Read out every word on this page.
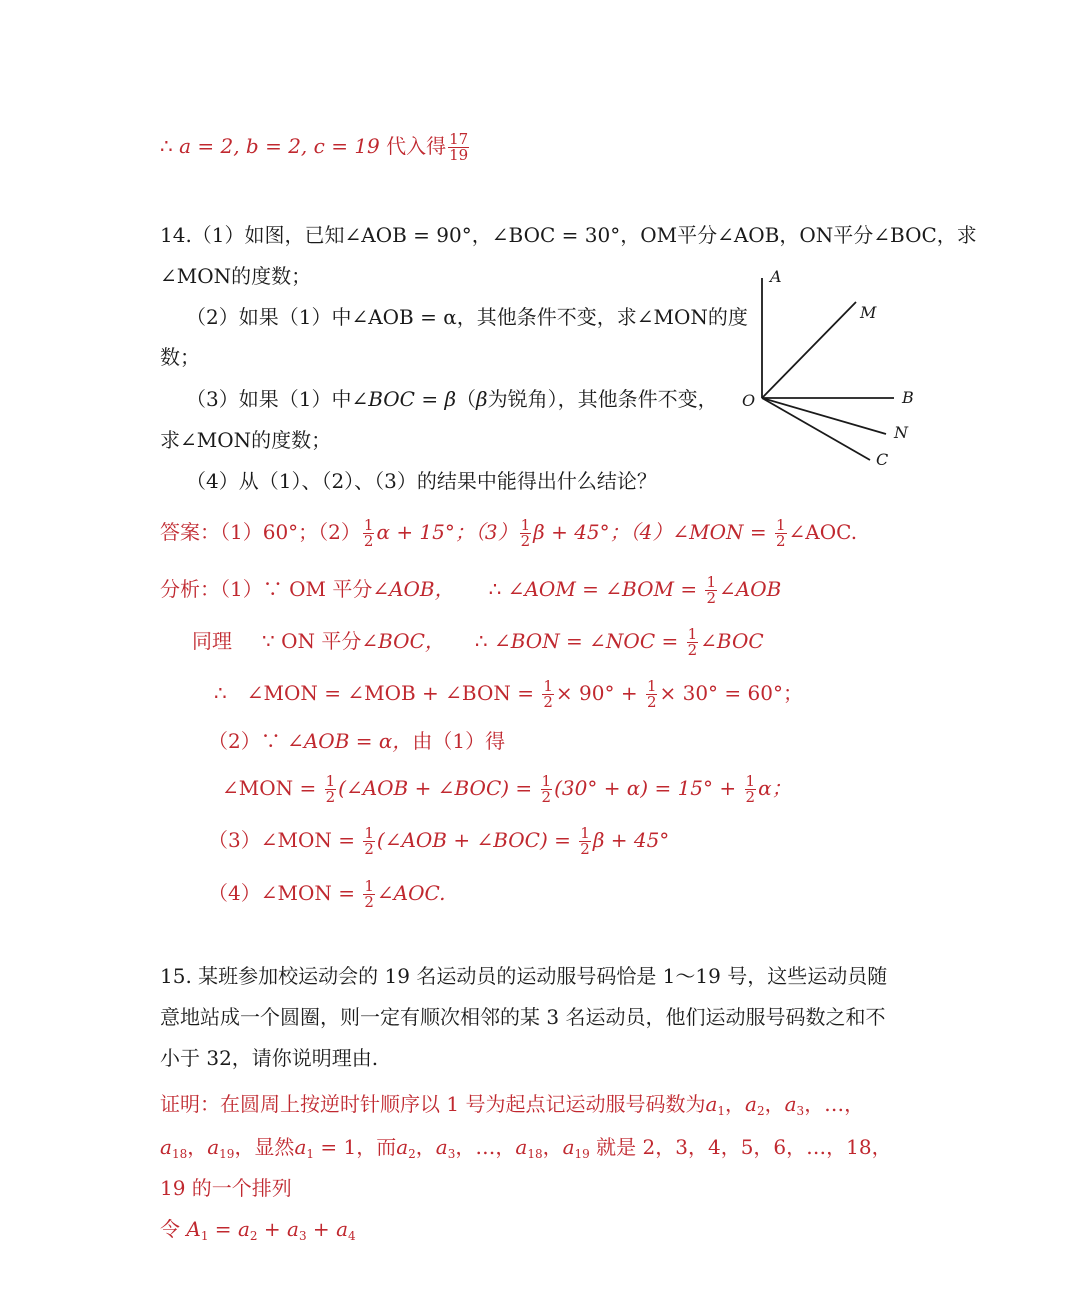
∴ a = 2, b = 2, c = 19 代入得 $\frac{17}{19}$
14.（1）如图，已知∠AOB = 90°，∠BOC = 30°，OM平分∠AOB，ON平分∠BOC，求
∠MON的度数；
（2）如果（1）中∠AOB = α，其他条件不变，求∠MON的度
数；
（3）如果（1）中∠BOC = β（β为锐角），其他条件不变，
求∠MON的度数；
（4）从（1）、（2）、（3）的结果中能得出什么结论？
A
M
O	B
N
C
答案：（1）60°；$(2) \frac{1}{2}$ α + 15°；$(3) \frac{1}{2}$ β + 45°；（4）∠MON = $\frac{1}{2}$ ∠AOC.
分析：（1）∵ OM 平分∠AOB， ∴ ∠AOM = ∠BOM = $\frac{1}{2}$ ∠AOB
同理 ∵ ON 平分∠BOC， ∴ ∠BON = ∠NOC = $\frac{1}{2}$ ∠BOC
∴ ∠MON = ∠MOB + ∠BON = $\frac{1}{2} \times 90^\circ + \frac{1}{2} \times 30^\circ = 60^\circ$；
（2）∵ ∠AOB = α，由（1）得
∠MON = $\frac{1}{2}$ (∠AOB + ∠BOC) = $\frac{1}{2} (30^\circ + \alpha) = 15^\circ + \frac{1}{2}$ α；
（3）∠MON = $\frac{1}{2}$ (∠AOB + ∠BOC) = $\frac{1}{2}$ β + 45°
（4）∠MON = $\frac{1}{2}$ ∠AOC.
15. 某班参加校运动会的 19 名运动员的运动服号码恰是 1～19 号，这些运动员随
意地站成一个圆圈，则一定有顺次相邻的某 3 名运动员，他们运动服号码数之和不
小于 32，请你说明理由.
证明：在圆周上按逆时针顺序以 1 号为起点记运动服号码数为$a_1$，$a_2$，$a_3$，…，
$a_{18}$，$a_{19}$，显然$a_1 = 1$，而$a_2$，$a_3$，…，$a_{18}$，$a_{19}$ 就是 2，3，4，5，6，…，18，
19 的一个排列
令 $A_1 = a_2 + a_3 + a_4$
